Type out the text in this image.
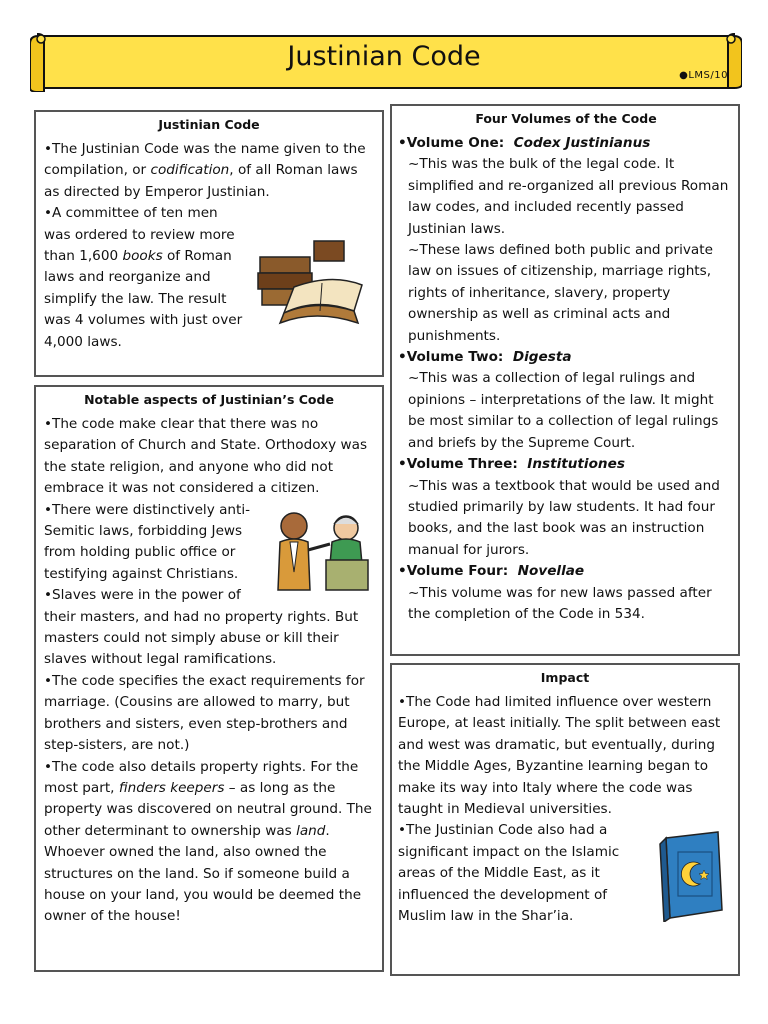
Justinian Code
●​LMS/10
Justinian Code

•The Justinian Code was the name given to the compilation, or codification, of all Roman laws as directed by Emperor Justinian.

•A committee of ten men was ordered to review more than 1,600 books of Roman laws and reorganize and simplify the law. The result was 4 volumes with just over 4,000 laws.

Notable aspects of Justinian’s Code

•The code make clear that there was no separation of Church and State. Orthodoxy was the state religion, and anyone who did not embrace it was not considered a citizen.

•There were distinctively anti-Semitic laws, forbidding Jews from holding public office or testifying against Christians.

•Slaves were in the power of their masters, and had no property rights. But masters could not simply abuse or kill their slaves without legal ramifications.

•The code specifies the exact requirements for marriage. (Cousins are allowed to marry, but brothers and sisters, even step-brothers and step-sisters, are not.)

•The code also details property rights. For the most part, finders keepers – as long as the property was discovered on neutral ground. The other determinant to ownership was land. Whoever owned the land, also owned the structures on the land. So if someone build a house on your land, you would be deemed the owner of the house!

Four Volumes of the Code

•Volume One: Codex Justinianus

~This was the bulk of the legal code. It simplified and re-organized all previous Roman law codes, and included recently passed Justinian laws.

~These laws defined both public and private law on issues of citizenship, marriage rights, rights of inheritance, slavery, property ownership as well as criminal acts and punishments.

•Volume Two: Digesta

~This was a collection of legal rulings and opinions – interpretations of the law. It might be most similar to a collection of legal rulings and briefs by the Supreme Court.

•Volume Three: Institutiones

~This was a textbook that would be used and studied primarily by law students. It had four books, and the last book was an instruction manual for jurors.

•Volume Four: Novellae

~This volume was for new laws passed after the completion of the Code in 534.

Impact

•The Code had limited influence over western Europe, at least initially. The split between east and west was dramatic, but eventually, during the Middle Ages, Byzantine learning began to make its way into Italy where the code was taught in Medieval universities.

•The Justinian Code also had a significant impact on the Islamic areas of the Middle East, as it influenced the development of Muslim law in the Shar’ia.
